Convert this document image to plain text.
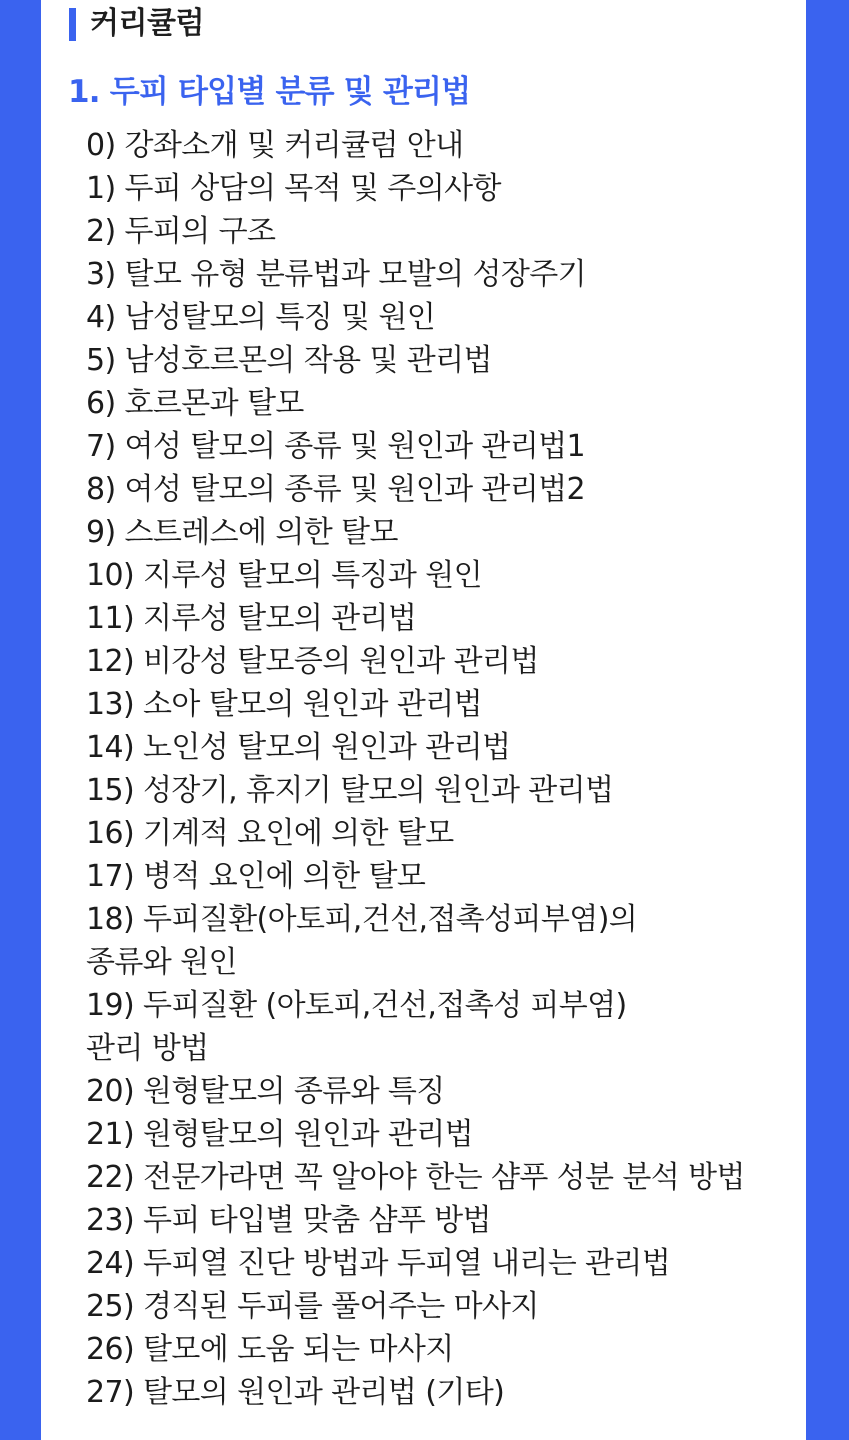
커리큘럼
1. 두피 타입별 분류 및 관리법
0) 강좌소개 및 커리큘럼 안내
1) 두피 상담의 목적 및 주의사항
2) 두피의 구조
3) 탈모 유형 분류법과 모발의 성장주기
4) 남성탈모의 특징 및 원인
5) 남성호르몬의 작용 및 관리법
6) 호르몬과 탈모
7) 여성 탈모의 종류 및 원인과 관리법1
8) 여성 탈모의 종류 및 원인과 관리법2
9) 스트레스에 의한 탈모
10) 지루성 탈모의 특징과 원인
11) 지루성 탈모의 관리법
12) 비강성 탈모증의 원인과 관리법
13) 소아 탈모의 원인과 관리법
14) 노인성 탈모의 원인과 관리법
15) 성장기, 휴지기 탈모의 원인과 관리법
16) 기계적 요인에 의한 탈모
17) 병적 요인에 의한 탈모
18) 두피질환(아토피,건선,접촉성피부염)의
종류와 원인
19) 두피질환 (아토피,건선,접촉성 피부염)
관리 방법
20) 원형탈모의 종류와 특징
21) 원형탈모의 원인과 관리법
22) 전문가라면 꼭 알아야 한는 샴푸 성분 분석 방법
23) 두피 타입별 맞춤 샴푸 방법
24) 두피열 진단 방법과 두피열 내리는 관리법
25) 경직된 두피를 풀어주는 마사지
26) 탈모에 도움 되는 마사지
27) 탈모의 원인과 관리법 (기타)
